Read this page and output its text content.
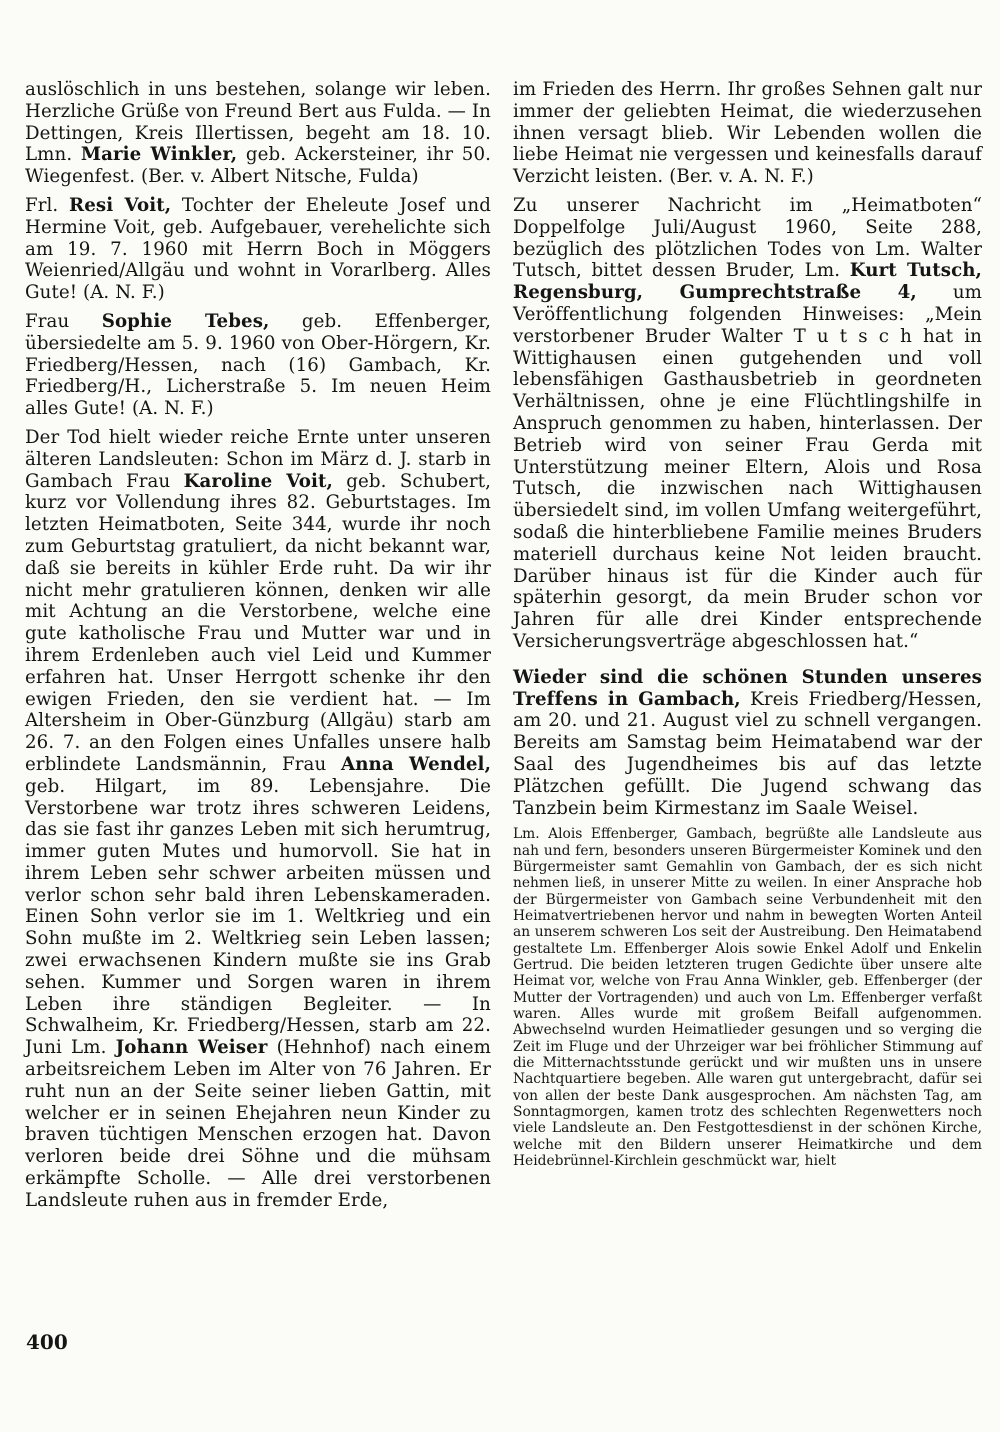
auslöschlich in uns bestehen, solange wir leben. Herzliche Grüße von Freund Bert aus Fulda. — In Dettingen, Kreis Illertissen, begeht am 18. 10. Lmn. Marie Winkler, geb. Ackersteiner, ihr 50. Wiegenfest. (Ber. v. Albert Nitsche, Fulda)

Frl. Resi Voit, Tochter der Eheleute Josef und Hermine Voit, geb. Aufgebauer, verehelichte sich am 19. 7. 1960 mit Herrn Boch in Möggers Weienried/Allgäu und wohnt in Vorarlberg. Alles Gute! (A. N. F.)

Frau Sophie Tebes, geb. Effenberger, übersiedelte am 5. 9. 1960 von Ober-Hörgern, Kr. Friedberg/Hessen, nach (16) Gambach, Kr. Friedberg/H., Licherstraße 5. Im neuen Heim alles Gute! (A. N. F.)

Der Tod hielt wieder reiche Ernte unter unseren älteren Landsleuten: Schon im März d. J. starb in Gambach Frau Karoline Voit, geb. Schubert, kurz vor Vollendung ihres 82. Geburtstages. Im letzten Heimatboten, Seite 344, wurde ihr noch zum Geburtstag gratuliert, da nicht bekannt war, daß sie bereits in kühler Erde ruht. Da wir ihr nicht mehr gratulieren können, denken wir alle mit Achtung an die Verstorbene, welche eine gute katholische Frau und Mutter war und in ihrem Erdenleben auch viel Leid und Kummer erfahren hat. Unser Herrgott schenke ihr den ewigen Frieden, den sie verdient hat. — Im Altersheim in Ober-Günzburg (Allgäu) starb am 26. 7. an den Folgen eines Unfalles unsere halb erblindete Landsmännin, Frau Anna Wendel, geb. Hilgart, im 89. Lebensjahre. Die Verstorbene war trotz ihres schweren Leidens, das sie fast ihr ganzes Leben mit sich herumtrug, immer guten Mutes und humorvoll. Sie hat in ihrem Leben sehr schwer arbeiten müssen und verlor schon sehr bald ihren Lebenskameraden. Einen Sohn verlor sie im 1. Weltkrieg und ein Sohn mußte im 2. Weltkrieg sein Leben lassen; zwei erwachsenen Kindern mußte sie ins Grab sehen. Kummer und Sorgen waren in ihrem Leben ihre ständigen Begleiter. — In Schwalheim, Kr. Friedberg/Hessen, starb am 22. Juni Lm. Johann Weiser (Hehnhof) nach einem arbeitsreichem Leben im Alter von 76 Jahren. Er ruht nun an der Seite seiner lieben Gattin, mit welcher er in seinen Ehejahren neun Kinder zu braven tüchtigen Menschen erzogen hat. Davon verloren beide drei Söhne und die mühsam erkämpfte Scholle. — Alle drei verstorbenen Landsleute ruhen aus in fremder Erde,

im Frieden des Herrn. Ihr großes Sehnen galt nur immer der geliebten Heimat, die wiederzusehen ihnen versagt blieb. Wir Lebenden wollen die liebe Heimat nie vergessen und keinesfalls darauf Verzicht leisten. (Ber. v. A. N. F.)

Zu unserer Nachricht im „Heimatboten“ Doppelfolge Juli/August 1960, Seite 288, bezüglich des plötzlichen Todes von Lm. Walter Tutsch, bittet dessen Bruder, Lm. Kurt Tutsch, Regensburg, Gumprechtstraße 4, um Veröffentlichung folgenden Hinweises: „Mein verstorbener Bruder Walter T u t s c h hat in Wittighausen einen gutgehenden und voll lebensfähigen Gasthausbetrieb in geordneten Verhältnissen, ohne je eine Flüchtlingshilfe in Anspruch genommen zu haben, hinterlassen. Der Betrieb wird von seiner Frau Gerda mit Unterstützung meiner Eltern, Alois und Rosa Tutsch, die inzwischen nach Wittighausen übersiedelt sind, im vollen Umfang weitergeführt, sodaß die hinterbliebene Familie meines Bruders materiell durchaus keine Not leiden braucht. Darüber hinaus ist für die Kinder auch für späterhin gesorgt, da mein Bruder schon vor Jahren für alle drei Kinder entsprechende Versicherungsverträge abgeschlossen hat.“

Wieder sind die schönen Stunden unseres Treffens in Gambach, Kreis Friedberg/Hessen, am 20. und 21. August viel zu schnell vergangen. Bereits am Samstag beim Heimatabend war der Saal des Jugendheimes bis auf das letzte Plätzchen gefüllt. Die Jugend schwang das Tanzbein beim Kirmestanz im Saale Weisel.

Lm. Alois Effenberger, Gambach, begrüßte alle Landsleute aus nah und fern, besonders unseren Bürgermeister Kominek und den Bürgermeister samt Gemahlin von Gambach, der es sich nicht nehmen ließ, in unserer Mitte zu weilen. In einer Ansprache hob der Bürgermeister von Gambach seine Verbundenheit mit den Heimatvertriebenen hervor und nahm in bewegten Worten Anteil an unserem schweren Los seit der Austreibung. Den Heimatabend gestaltete Lm. Effenberger Alois sowie Enkel Adolf und Enkelin Gertrud. Die beiden letzteren trugen Gedichte über unsere alte Heimat vor, welche von Frau Anna Winkler, geb. Effenberger (der Mutter der Vortragenden) und auch von Lm. Effenberger verfaßt waren. Alles wurde mit großem Beifall aufgenommen. Abwechselnd wurden Heimatlieder gesungen und so verging die Zeit im Fluge und der Uhrzeiger war bei fröhlicher Stimmung auf die Mitternachtsstunde gerückt und wir mußten uns in unsere Nachtquartiere begeben. Alle waren gut untergebracht, dafür sei von allen der beste Dank ausgesprochen. Am nächsten Tag, am Sonntagmorgen, kamen trotz des schlechten Regenwetters noch viele Landsleute an. Den Festgottesdienst in der schönen Kirche, welche mit den Bildern unserer Heimatkirche und dem Heidebrünnel-Kirchlein geschmückt war, hielt

400
